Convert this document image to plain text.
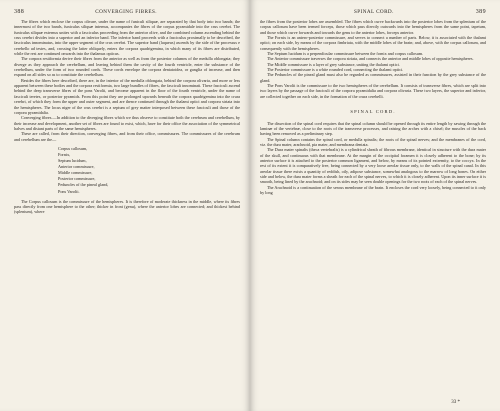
388	CONVERGING FIBRES.

The fibres which enclose the corpus olivare, under the name of funiculi siliquæ, are separated by that body into two bands; the innermost of the two bands, funiculus siliquæ internus, accompanies the fibres of the corpus pyramidale into the crus cerebri. The funiculus siliquæ externus unites with a fasciculus proceeding from the anterior olive, and the combined column ascending behind the crus cerebri divides into a superior and an inferior band. The inferior band proceeds with a fasciculus proximally to be described, the fasciculus innominatus, into the upper segment of the crus cerebri. The superior band (laqueus) ascends by the side of the processus e cerebello ad testes, and, crossing the latter obliquely, enters the corpora quadrigemina, in which many of its fibres are distributed, while the rest are continued onwards into the thalamus opticus.

The corpora restiformia derive their fibres from the anterior as well as from the posterior columns of the medulla oblongata; they diverge as they approach the cerebellum, and leaving behind them the cavity of the fourth ventricle, enter the substance of the cerebellum, under the form of two rounded cords. These cords envelope the corpora dentatoidea, or ganglia of increase, and then expand on all sides so as to constitute the cerebellum.

Besides the fibres here described, there are, in the interior of the medulla oblongata, behind the corpora olivaria, and more or less apparent between these bodies and the corpora restiformia, two large bundles of fibres, the fasciculi innominati. These fasciculi ascend behind the deep transverse fibres of the pons Varolii, and become apparent in the floor of the fourth ventricle, under the name of fasciculi teretes, or posterior pyramids. From this point they are prolonged upwards beneath the corpora quadrigemina into the crura cerebri, of which they form the upper and outer segment, and are thence continued through the thalami optici and corpora striata into the hemispheres. The locus niger of the crus cerebri is a septum of grey matter interposed between these fasciculi and those of the corpora pyramidalia.

Converging fibres.—In addition to the diverging fibres which we thus observe to constitute both the cerebrum and cerebellum, by their increase and development, another set of fibres are found to exist, which, have for their office the association of the symmetrical halves and distant parts of the same hemispheres.

These are called, from their direction, converging fibres, and from their office, commissures. The commissures of the cerebrum and cerebellum are the—

Corpus callosum,
Fornix,
Septum lucidum,
Anterior commissure,
Middle commissure,
Posterior commissure,
Peduncles of the pineal gland,
Pons Varolii.

The Corpus callosum is the commissure of the hemispheres. It is therefore of moderate thickness in the middle, where its fibres pass directly from one hemisphere to the other; thicker in front (genu), where the anterior lobes are connected; and thickest behind (splenium), where

SPINAL CORD.	389

the fibres from the posterior lobes are assembled. The fibres which curve backwards into the posterior lobes from the splenium of the corpus callosum have been termed forceps, those which pass directly outwards into the hemispheres from the same point, tapetum, and those which curve forwards and towards the genu to the anterior lobes, forceps anterior.

The Fornix is an antero-posterior commissure, and serves to connect a number of parts. Below, it is associated with the thalami optici; on each side, by means of the corpora fimbriata, with the middle lobes of the brain; and, above, with the corpus callosum, and consequently with the hemispheres.

The Septum lucidum is a perpendicular commissure between the fornix and corpus callosum.

The Anterior commissure traverses the corpora striata, and connects the anterior and middle lobes of opposite hemispheres.

The Middle commissure is a layer of grey substance, uniting the thalami optici.

The Posterior commissure is a white rounded cord, connecting the thalami optici.

The Peduncles of the pineal gland must also be regarded as commissures, assisted in their function by the grey substance of the gland.

The Pons Varolii is the commissure to the two hemispheres of the cerebellum. It consists of transverse fibres, which are split into two layers by the passage of the fasciculi of the corpora pyramidalia and corpora olivaria. These two layers, the superior and inferior, are collected together on each side, in the formation of the crura cerebelli.

SPINAL CORD.

The dissection of the spinal cord requires that the spinal column should be opened through its entire length by sawing through the laminæ of the vertebræ, close to the roots of the transverse processes, and raising the arches with a chisel; the muscles of the back having been removed as a preliminary step.

The Spinal column contains the spinal cord, or medulla spinalis; the roots of the spinal nerves; and the membranes of the cord, viz. the dura mater, arachnoid, pia mater, and membrana dentata.

The Dura mater spinalis (theca vertebralis) is a cylindrical sheath of fibrous membrane, identical in structure with the dura mater of the skull, and continuous with that membrane. At the margin of the occipital foramen it is closely adherent to the bone; by its anterior surface it is attached to the posterior common ligament, and below, by means of its pointed extremity, to the coccyx. In the rest of its extent it is comparatively free, being connected by a very loose areolar tissue only, to the walls of the spinal canal. In this areolar tissue there exists a quantity of reddish, oily, adipose substance, somewhat analogous to the marrow of long bones. On either side and below, the dura mater forms a sheath for each of the spinal nerves, to which it is closely adherent. Upon its inner surface it is smooth, being lined by the arachnoid; and on its sides may be seen double openings for the two roots of each of the spinal nerves.

The Arachnoid is a continuation of the serous membrane of the brain. It encloses the cord very loosely, being connected to it only by long

33 *
